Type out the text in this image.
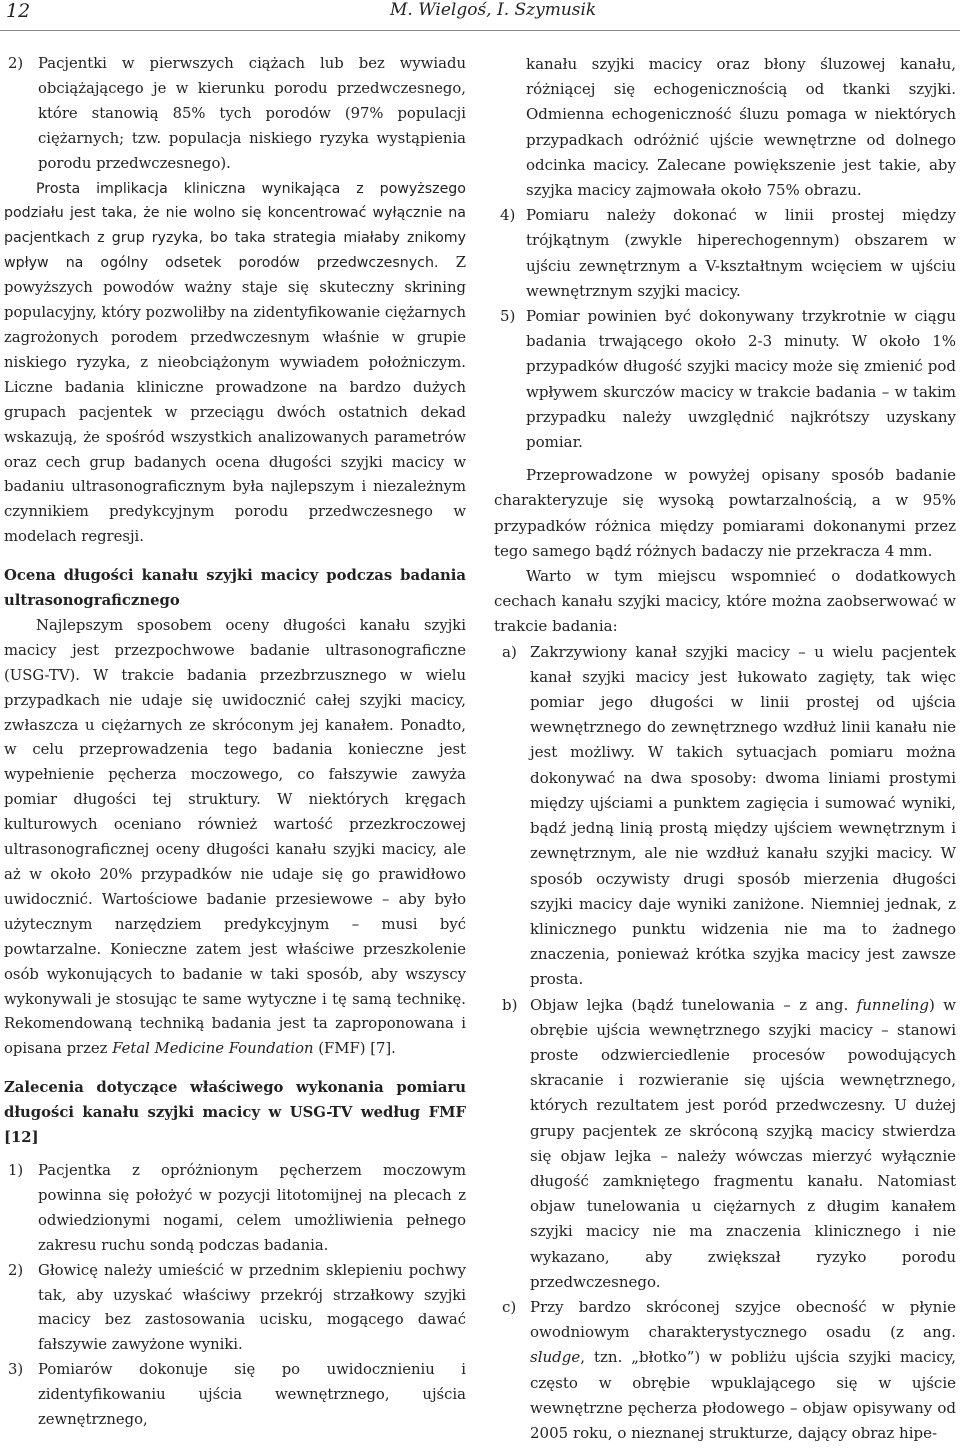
12	M. Wielgoś, I. Szymusik
2) Pacjentki w pierwszych ciążach lub bez wywiadu obciążającego je w kierunku porodu przedwczesnego, które stanowią 85% tych porodów (97% populacji ciężarnych; tzw. populacja niskiego ryzyka wystąpienia porodu przedwczesnego).

Prosta implikacja kliniczna wynikająca z powyższego podziału jest taka, że nie wolno się koncentrować wyłącznie na pacjentkach z grup ryzyka, bo taka strategia miałaby znikomy wpływ na ogólny odsetek porodów przedwczesnych. Z powyższych powodów ważny staje się skuteczny skrining populacyjny, który pozwoliłby na zidentyfikowanie ciężarnych zagrożonych porodem przedwczesnym właśnie w grupie niskiego ryzyka, z nieobciążonym wywiadem położniczym. Liczne badania kliniczne prowadzone na bardzo dużych grupach pacjentek w przeciągu dwóch ostatnich dekad wskazują, że spośród wszystkich analizowanych parametrów oraz cech grup badanych ocena długości szyjki macicy w badaniu ultrasonograficznym była najlepszym i niezależnym czynnikiem predykcyjnym porodu przedwczesnego w modelach regresji.

Ocena długości kanału szyjki macicy podczas badania ultrasonograficznego

Najlepszym sposobem oceny długości kanału szyjki macicy jest przezpochwowe badanie ultrasonograficzne (USG-TV). W trakcie badania przezbrzusznego w wielu przypadkach nie udaje się uwidocznić całej szyjki macicy, zwłaszcza u ciężarnych ze skróconym jej kanałem. Ponadto, w celu przeprowadzenia tego badania konieczne jest wypełnienie pęcherza moczowego, co fałszywie zawyża pomiar długości tej struktury. W niektórych kręgach kulturowych oceniano również wartość przezkroczowej ultrasonograficznej oceny długości kanału szyjki macicy, ale aż w około 20% przypadków nie udaje się go prawidłowo uwidocznić. Wartościowe badanie przesiewowe – aby było użytecznym narzędziem predykcyjnym – musi być powtarzalne. Konieczne zatem jest właściwe przeszkolenie osób wykonujących to badanie w taki sposób, aby wszyscy wykonywali je stosując te same wytyczne i tę samą technikę. Rekomendowaną techniką badania jest ta zaproponowana i opisana przez Fetal Medicine Foundation (FMF) [7].

Zalecenia dotyczące właściwego wykonania pomiaru długości kanału szyjki macicy w USG-TV według FMF [12]
1) Pacjentka z opróżnionym pęcherzem moczowym powinna się położyć w pozycji litotomijnej na plecach z odwiedzionymi nogami, celem umożliwienia pełnego zakresu ruchu sondą podczas badania.
2) Głowicę należy umieścić w przednim sklepieniu pochwy tak, aby uzyskać właściwy przekrój strzałkowy szyjki macicy bez zastosowania ucisku, mogącego dawać fałszywie zawyżone wyniki.
3) Pomiarów dokonuje się po uwidocznieniu i zidentyfikowaniu ujścia wewnętrznego, ujścia zewnętrznego,
kanału szyjki macicy oraz błony śluzowej kanału, różniącej się echogenicznością od tkanki szyjki. Odmienna echogeniczność śluzu pomaga w niektórych przypadkach odróżnić ujście wewnętrzne od dolnego odcinka macicy. Zalecane powiększenie jest takie, aby szyjka macicy zajmowała około 75% obrazu.
4) Pomiaru należy dokonać w linii prostej między trójkątnym (zwykle hiperechogennym) obszarem w ujściu zewnętrznym a V-kształtnym wcięciem w ujściu wewnętrznym szyjki macicy.
5) Pomiar powinien być dokonywany trzykrotnie w ciągu badania trwającego około 2-3 minuty. W około 1% przypadków długość szyjki macicy może się zmienić pod wpływem skurczów macicy w trakcie badania – w takim przypadku należy uwzględnić najkrótszy uzyskany pomiar.

Przeprowadzone w powyżej opisany sposób badanie charakteryzuje się wysoką powtarzalnością, a w 95% przypadków różnica między pomiarami dokonanymi przez tego samego bądź różnych badaczy nie przekracza 4 mm.

Warto w tym miejscu wspomnieć o dodatkowych cechach kanału szyjki macicy, które można zaobserwować w trakcie badania:

a) Zakrzywiony kanał szyjki macicy – u wielu pacjentek kanał szyjki macicy jest łukowato zagięty, tak więc pomiar jego długości w linii prostej od ujścia wewnętrznego do zewnętrznego wzdłuż linii kanału nie jest możliwy. W takich sytuacjach pomiaru można dokonywać na dwa sposoby: dwoma liniami prostymi między ujściami a punktem zagięcia i sumować wyniki, bądź jedną linią prostą między ujściem wewnętrznym i zewnętrznym, ale nie wzdłuż kanału szyjki macicy. W sposób oczywisty drugi sposób mierzenia długości szyjki macicy daje wyniki zaniżone. Niemniej jednak, z klinicznego punktu widzenia nie ma to żadnego znaczenia, ponieważ krótka szyjka macicy jest zawsze prosta.
b) Objaw lejka (bądź tunelowania – z ang. funneling) w obrębie ujścia wewnętrznego szyjki macicy – stanowi proste odzwierciedlenie procesów powodujących skracanie i rozwieranie się ujścia wewnętrznego, których rezultatem jest poród przedwczesny. U dużej grupy pacjentek ze skróconą szyjką macicy stwierdza się objaw lejka – należy wówczas mierzyć wyłącznie długość zamkniętego fragmentu kanału. Natomiast objaw tunelowania u ciężarnych z długim kanałem szyjki macicy nie ma znaczenia klinicznego i nie wykazano, aby zwiększał ryzyko porodu przedwczesnego.
c) Przy bardzo skróconej szyjce obecność w płynie owodniowym charakterystycznego osadu (z ang. sludge, tzn. „błotko”) w pobliżu ujścia szyjki macicy, często w obrębie wpuklającego się w ujście wewnętrzne pęcherza płodowego – objaw opisywany od 2005 roku, o nieznanej strukturze, dający obraz hipe-
